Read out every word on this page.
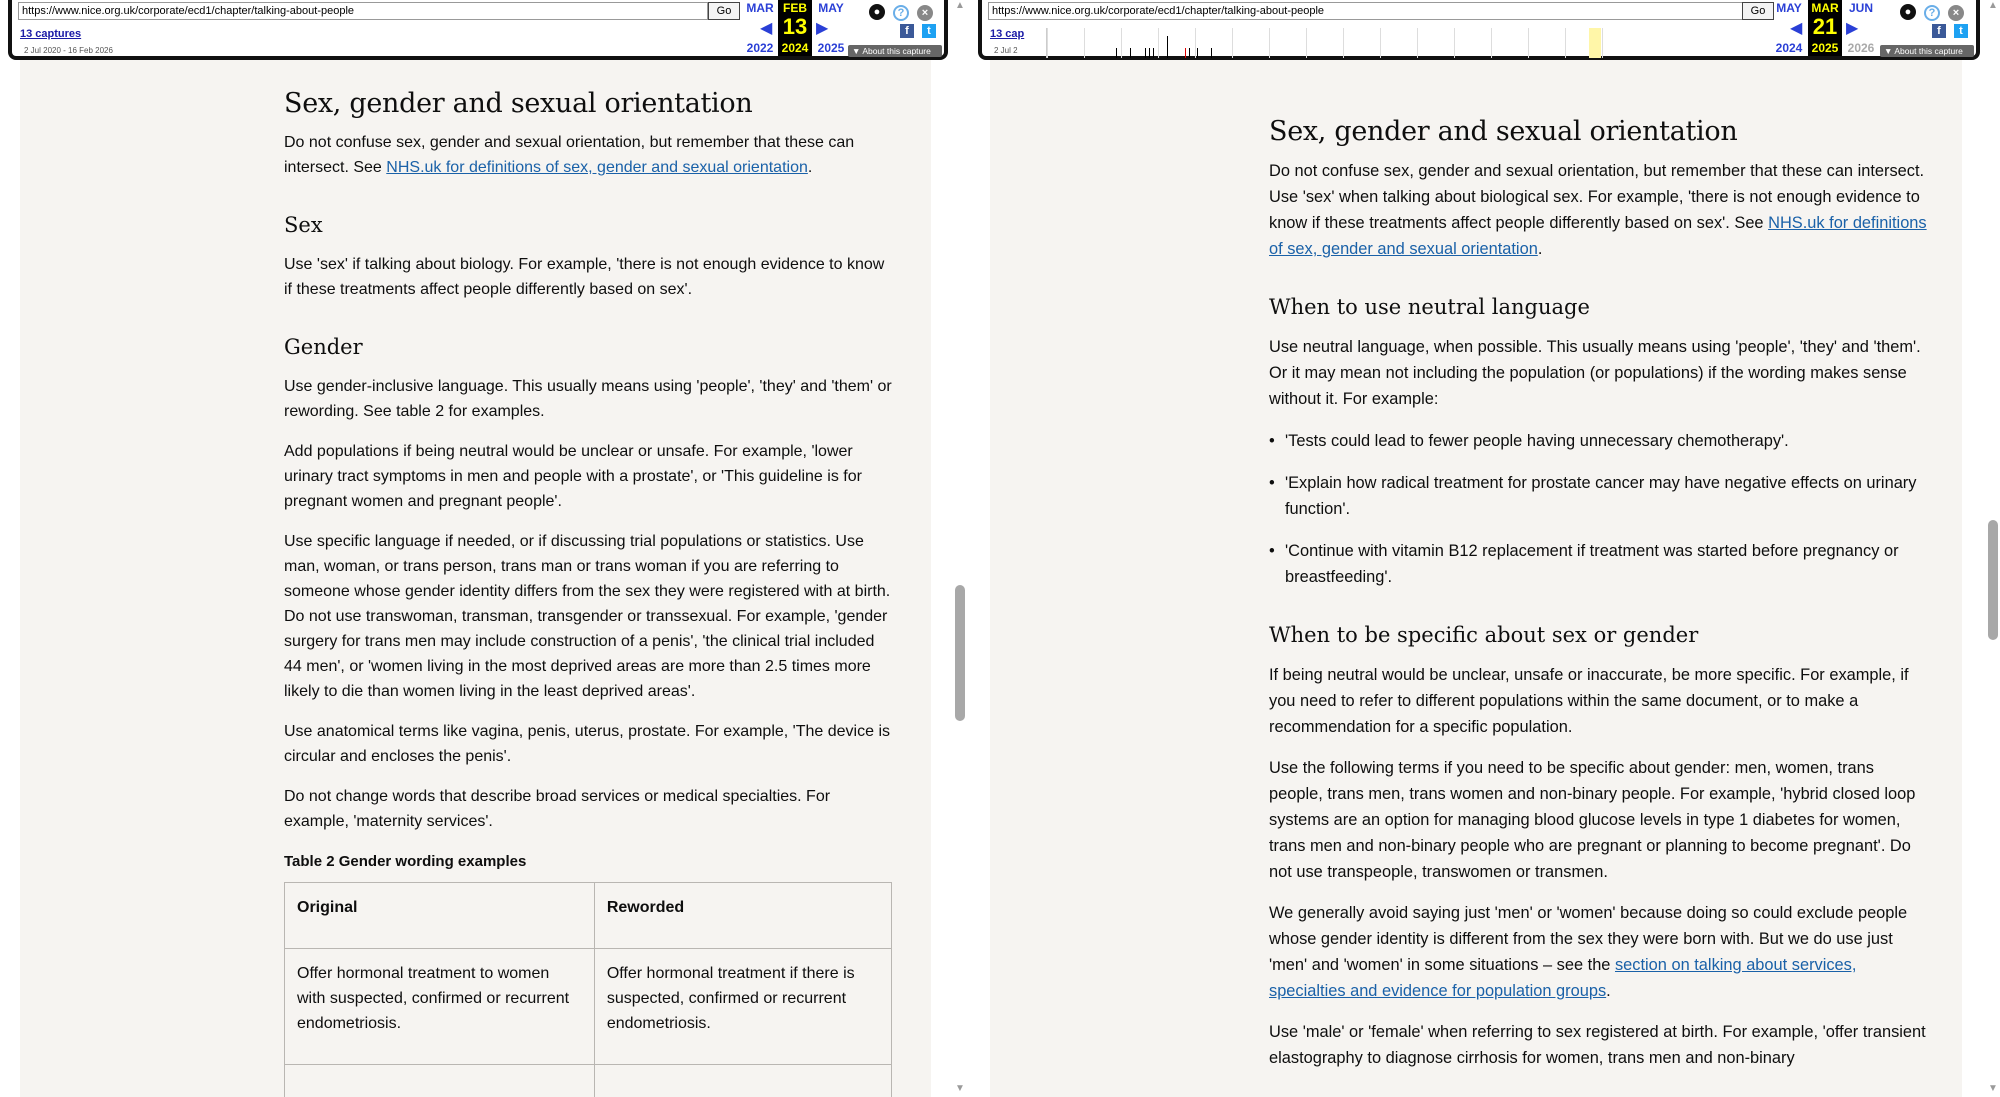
Sex, gender and sexual orientation

Do not confuse sex, gender and sexual orientation, but remember that these can intersect. See NHS.uk for definitions of sex, gender and sexual orientation.

Sex

Use 'sex' if talking about biology. For example, 'there is not enough evidence to know if these treatments affect people differently based on sex'.

Gender

Use gender-inclusive language. This usually means using 'people', 'they' and 'them' or rewording. See table 2 for examples.

Add populations if being neutral would be unclear or unsafe. For example, 'lower urinary tract symptoms in men and people with a prostate', or 'This guideline is for pregnant women and pregnant people'.

Use specific language if needed, or if discussing trial populations or statistics. Use man, woman, or trans person, trans man or trans woman if you are referring to someone whose gender identity differs from the sex they were registered with at birth. Do not use transwoman, transman, transgender or transsexual. For example, 'gender surgery for trans men may include construction of a penis', 'the clinical trial included 44 men', or 'women living in the most deprived areas are more than 2.5 times more likely to die than women living in the least deprived areas'.

Use anatomical terms like vagina, penis, uterus, prostate. For example, 'The device is circular and encloses the penis'.

Do not change words that describe broad services or medical specialties. For example, 'maternity services'.

Table 2 Gender wording examples
Original	Reworded
Offer hormonal treatment to women with suspected, confirmed or recurrent endometriosis.	Offer hormonal treatment if there is suspected, confirmed or recurrent endometriosis.

▲
▼
https://www.nice.org.uk/corporate/ecd1/chapter/talking-about-people	Go
13 captures
2 Jul 2020 - 16 Feb 2026
MAR
2022
◀
FEB
13
2024
▶
MAY
2025
●	?	×
f	t
▼ About this capture
Sex, gender and sexual orientation

Do not confuse sex, gender and sexual orientation, but remember that these can intersect. Use 'sex' when talking about biological sex. For example, 'there is not enough evidence to know if these treatments affect people differently based on sex'. See NHS.uk for definitions of sex, gender and sexual orientation.

When to use neutral language

Use neutral language, when possible. This usually means using 'people', 'they' and 'them'. Or it may mean not including the population (or populations) if the wording makes sense without it. For example:

• 'Tests could lead to fewer people having unnecessary chemotherapy'.
• 'Explain how radical treatment for prostate cancer may have negative effects on urinary function'.
• 'Continue with vitamin B12 replacement if treatment was started before pregnancy or breastfeeding'.
When to be specific about sex or gender

If being neutral would be unclear, unsafe or inaccurate, be more specific. For example, if you need to refer to different populations within the same document, or to make a recommendation for a specific population.

Use the following terms if you need to be specific about gender: men, women, trans people, trans men, trans women and non-binary people. For example, 'hybrid closed loop systems are an option for managing blood glucose levels in type 1 diabetes for women, trans men and non-binary people who are pregnant or planning to become pregnant'. Do not use transpeople, transwomen or transmen.

We generally avoid saying just 'men' or 'women' because doing so could exclude people whose gender identity is different from the sex they were born with. But we do use just 'men' and 'women' in some situations – see the section on talking about services, specialties and evidence for population groups.

Use 'male' or 'female' when referring to sex registered at birth. For example, 'offer transient elastography to diagnose cirrhosis for women, trans men and non-binary

▲
▼
https://www.nice.org.uk/corporate/ecd1/chapter/talking-about-people	Go
13 cap
2 Jul 2
MAY
2024
◀
MAR
21
2025
▶
JUN
2026
●	?	×
f	t
▼ About this capture
